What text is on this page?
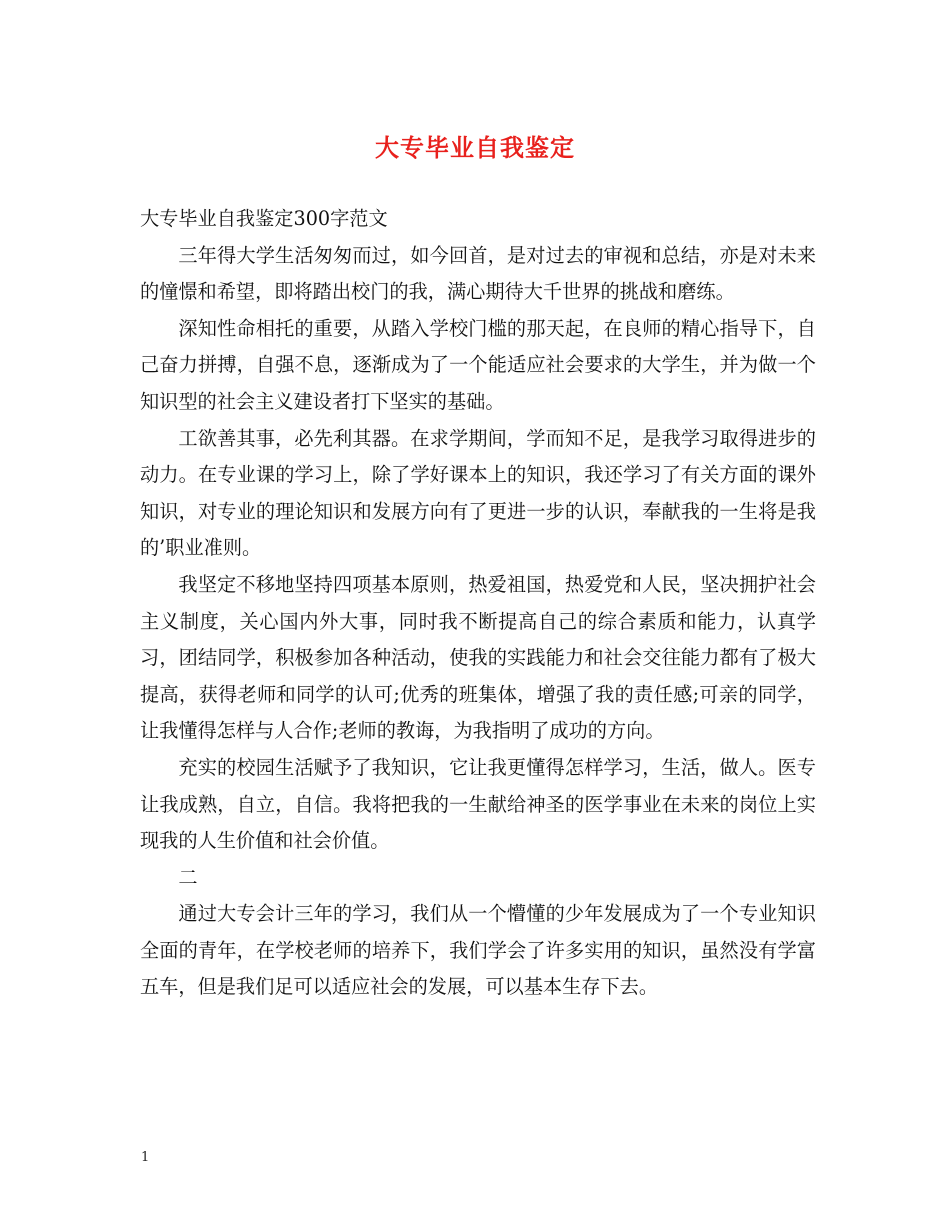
大专毕业自我鉴定

大专毕业自我鉴定300字范文

三年得大学生活匆匆而过，如今回首，是对过去的审视和总结，亦是对未来的憧憬和希望，即将踏出校门的我，满心期待大千世界的挑战和磨练。

深知性命相托的重要，从踏入学校门槛的那天起，在良师的精心指导下，自己奋力拼搏，自强不息，逐渐成为了一个能适应社会要求的大学生，并为做一个知识型的社会主义建设者打下坚实的基础。

工欲善其事，必先利其器。在求学期间，学而知不足，是我学习取得进步的动力。在专业课的学习上，除了学好课本上的知识，我还学习了有关方面的课外知识，对专业的理论知识和发展方向有了更进一步的认识，奉献我的一生将是我的’职业准则。

我坚定不移地坚持四项基本原则，热爱祖国，热爱党和人民，坚决拥护社会主义制度，关心国内外大事，同时我不断提高自己的综合素质和能力，认真学习，团结同学，积极参加各种活动，使我的实践能力和社会交往能力都有了极大提高，获得老师和同学的认可;优秀的班集体，增强了我的责任感;可亲的同学，让我懂得怎样与人合作;老师的教诲，为我指明了成功的方向。

充实的校园生活赋予了我知识，它让我更懂得怎样学习，生活，做人。医专让我成熟，自立，自信。我将把我的一生献给神圣的医学事业在未来的岗位上实现我的人生价值和社会价值。

二

通过大专会计三年的学习，我们从一个懵懂的少年发展成为了一个专业知识全面的青年，在学校老师的培养下，我们学会了许多实用的知识，虽然没有学富五车，但是我们足可以适应社会的发展，可以基本生存下去。

1
